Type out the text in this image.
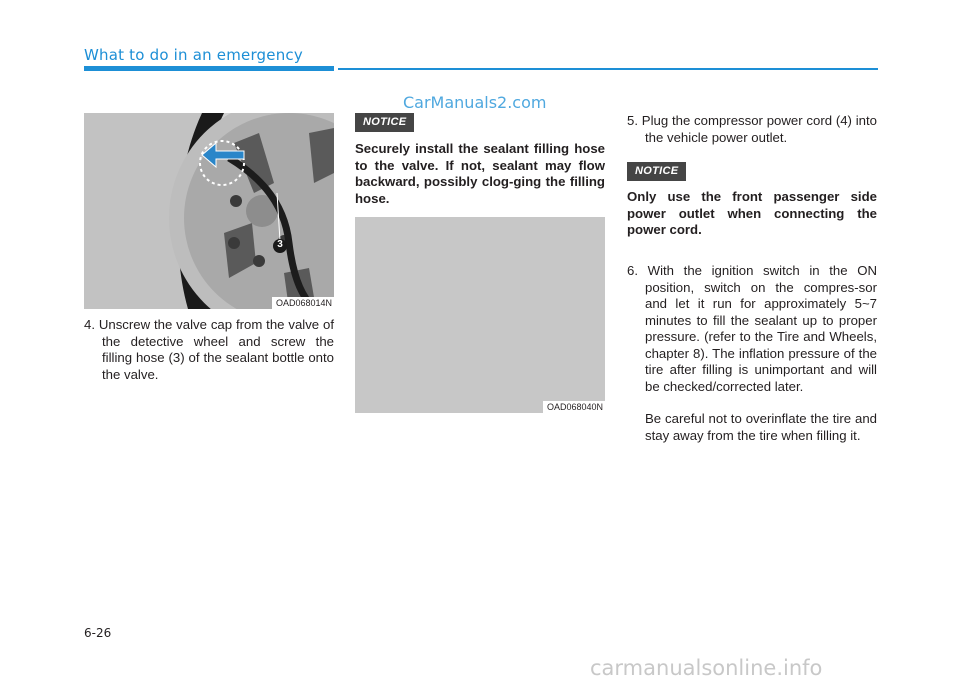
What to do in an emergency
CarManuals2.com
3
OAD068014N
4. Unscrew the valve cap from the valve of the detective wheel and screw the filling hose (3) of the sealant bottle onto the valve.
NOTICE
Securely install the sealant filling hose to the valve. If not, sealant may flow backward, possibly clog-ging the filling hose.
OAD068040N
5. Plug the compressor power cord (4) into the vehicle power outlet.
NOTICE
Only use the front passenger side power outlet when connecting the power cord.
6. With the ignition switch in the ON position, switch on the compres-sor and let it run for approximately 5~7 minutes to fill the sealant up to proper pressure. (refer to the Tire and Wheels, chapter 8). The inflation pressure of the tire after filling is unimportant and will be checked/corrected later.
Be careful not to overinflate the tire and stay away from the tire when filling it.
6-26
carmanualsonline.info
